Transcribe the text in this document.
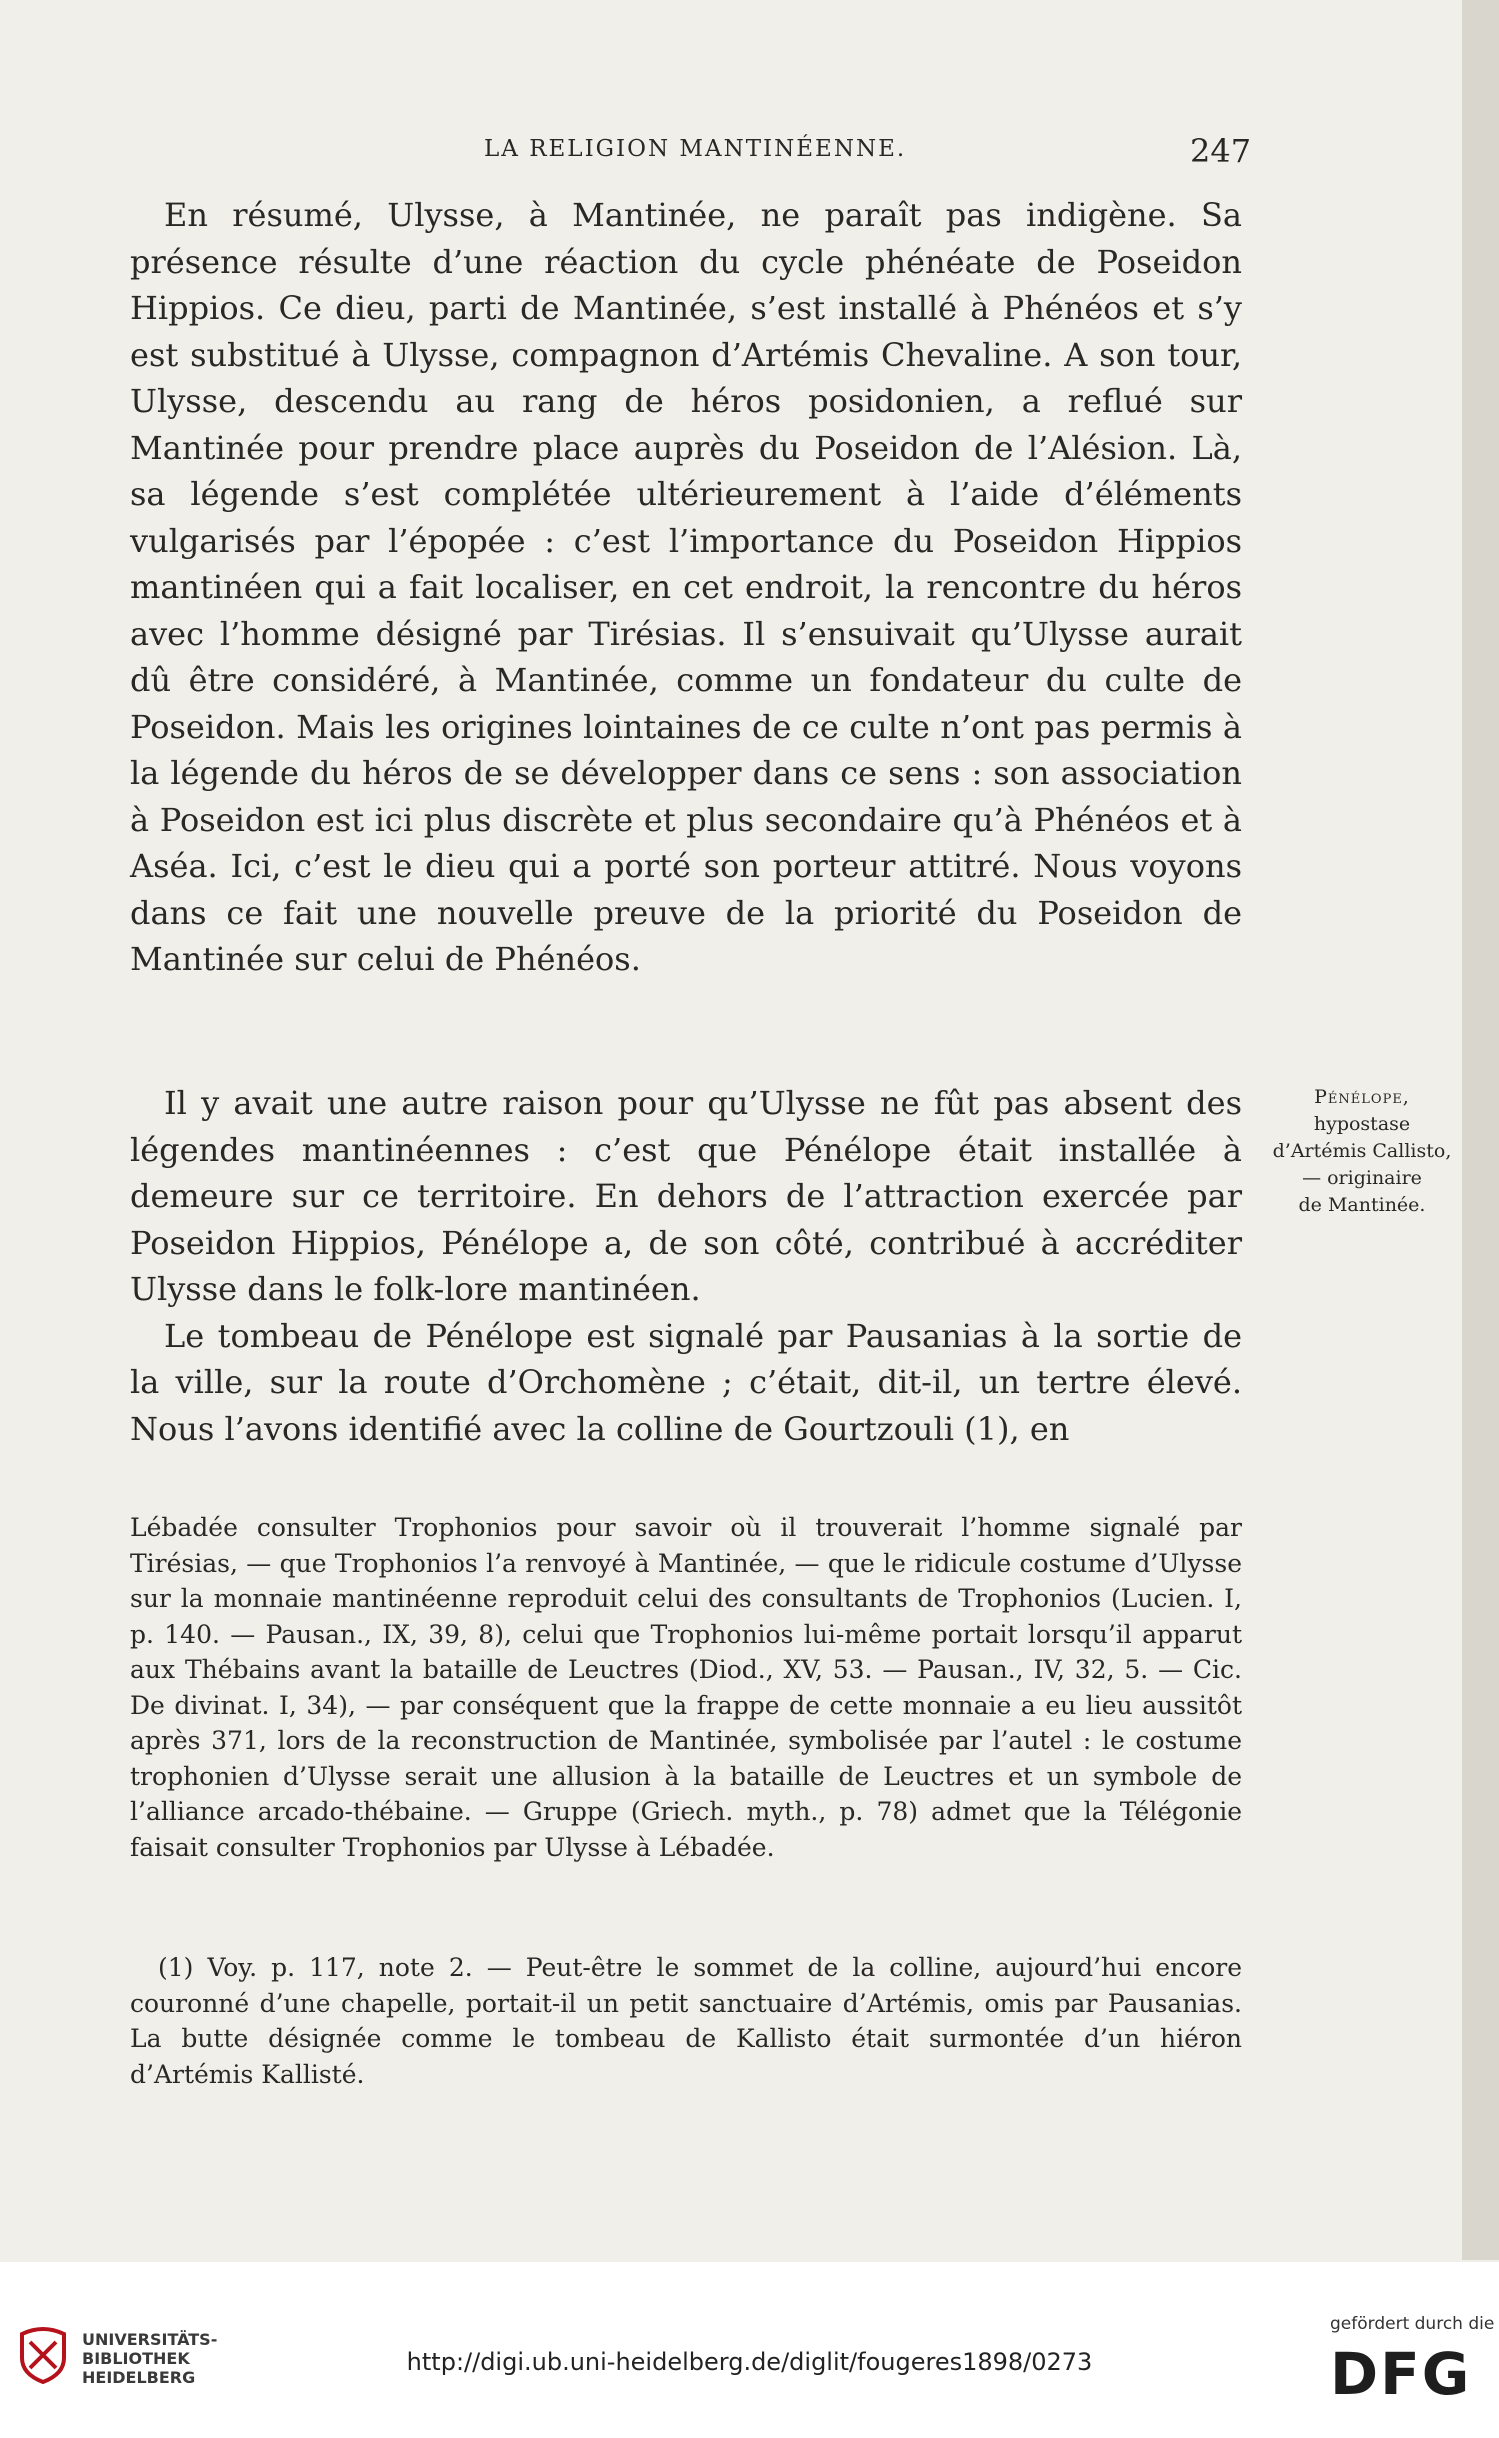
LA RELIGION MANTINÉENNE.	247

En résumé, Ulysse, à Mantinée, ne paraît pas indigène. Sa présence résulte d’une réaction du cycle phénéate de Poseidon Hippios. Ce dieu, parti de Mantinée, s’est installé à Phénéos et s’y est substitué à Ulysse, compagnon d’Artémis Chevaline. A son tour, Ulysse, descendu au rang de héros posidonien, a reflué sur Mantinée pour prendre place auprès du Poseidon de l’Alésion. Là, sa légende s’est complétée ultérieurement à l’aide d’éléments vulgarisés par l’épopée : c’est l’importance du Poseidon Hippios mantinéen qui a fait localiser, en cet endroit, la rencontre du héros avec l’homme désigné par Tirésias. Il s’ensuivait qu’Ulysse aurait dû être considéré, à Mantinée, comme un fondateur du culte de Poseidon. Mais les origines lointaines de ce culte n’ont pas permis à la légende du héros de se développer dans ce sens : son association à Poseidon est ici plus discrète et plus secondaire qu’à Phénéos et à Aséa. Ici, c’est le dieu qui a porté son porteur attitré. Nous voyons dans ce fait une nouvelle preuve de la priorité du Poseidon de Mantinée sur celui de Phénéos.

Il y avait une autre raison pour qu’Ulysse ne fût pas absent des légendes mantinéennes : c’est que Pénélope était installée à demeure sur ce territoire. En dehors de l’attraction exercée par Poseidon Hippios, Pénélope a, de son côté, contribué à accréditer Ulysse dans le folk-lore mantinéen.

Le tombeau de Pénélope est signalé par Pausanias à la sortie de la ville, sur la route d’Orchomène ; c’était, dit-il, un tertre élevé. Nous l’avons identifié avec la colline de Gourtzouli (1), en

Pénélope,
hypostase
d’Artémis Callisto,
— originaire
de Mantinée.

Lébadée consulter Trophonios pour savoir où il trouverait l’homme signalé par Tirésias, — que Trophonios l’a renvoyé à Mantinée, — que le ridicule costume d’Ulysse sur la monnaie mantinéenne reproduit celui des consultants de Trophonios (Lucien. I, p. 140. — Pausan., IX, 39, 8), celui que Trophonios lui-même portait lorsqu’il apparut aux Thébains avant la bataille de Leuctres (Diod., XV, 53. — Pausan., IV, 32, 5. — Cic. De divinat. I, 34), — par conséquent que la frappe de cette monnaie a eu lieu aussitôt après 371, lors de la reconstruction de Mantinée, symbolisée par l’autel : le costume trophonien d’Ulysse serait une allusion à la bataille de Leuctres et un symbole de l’alliance arcado-thébaine. — Gruppe (Griech. myth., p. 78) admet que la Télégonie faisait consulter Trophonios par Ulysse à Lébadée.

(1) Voy. p. 117, note 2. — Peut-être le sommet de la colline, aujourd’hui encore couronné d’une chapelle, portait-il un petit sanctuaire d’Artémis, omis par Pausanias. La butte désignée comme le tombeau de Kallisto était surmontée d’un hiéron d’Artémis Kallisté.

UNIVERSITÄTS-
BIBLIOTHEK
HEIDELBERG
http://digi.ub.uni-heidelberg.de/diglit/fougeres1898/0273
gefördert durch die
DFG
